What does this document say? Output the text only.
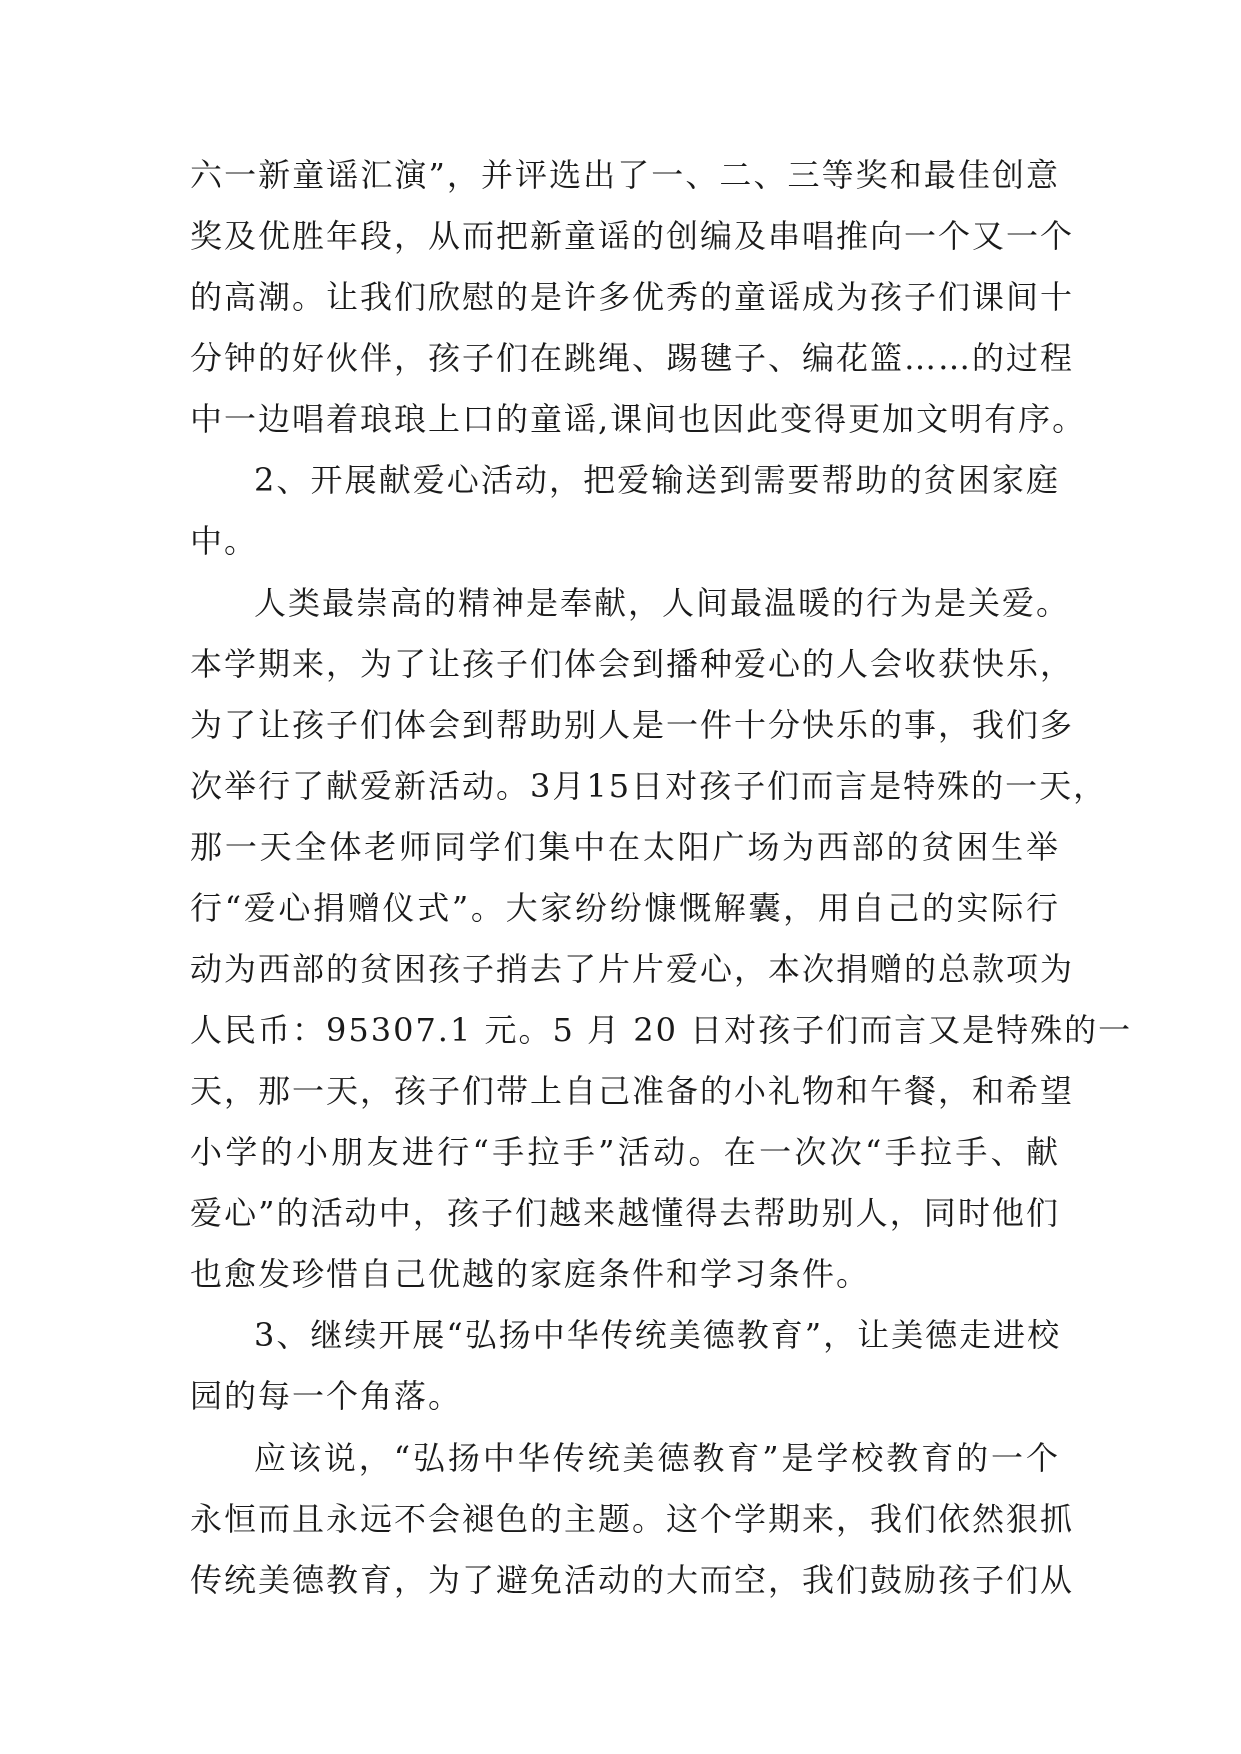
六一新童谣汇演”，并评选出了一、二、三等奖和最佳创意
奖及优胜年段，从而把新童谣的创编及串唱推向一个又一个
的高潮。让我们欣慰的是许多优秀的童谣成为孩子们课间十
分钟的好伙伴，孩子们在跳绳、踢毽子、编花篮……的过程
中一边唱着琅琅上口的童谣,课间也因此变得更加文明有序。
2、开展献爱心活动，把爱输送到需要帮助的贫困家庭
中。
人类最崇高的精神是奉献，人间最温暖的行为是关爱。
本学期来，为了让孩子们体会到播种爱心的人会收获快乐，
为了让孩子们体会到帮助别人是一件十分快乐的事，我们多
次举行了献爱新活动。3月15日对孩子们而言是特殊的一天，
那一天全体老师同学们集中在太阳广场为西部的贫困生举
行“爱心捐赠仪式”。大家纷纷慷慨解囊，用自己的实际行
动为西部的贫困孩子捎去了片片爱心，本次捐赠的总款项为
人民币：95307.1 元。5 月 20 日对孩子们而言又是特殊的一
天，那一天，孩子们带上自己准备的小礼物和午餐，和希望
小学的小朋友进行“手拉手”活动。在一次次“手拉手、献
爱心”的活动中，孩子们越来越懂得去帮助别人，同时他们
也愈发珍惜自己优越的家庭条件和学习条件。
3、继续开展“弘扬中华传统美德教育”，让美德走进校
园的每一个角落。
应该说，“弘扬中华传统美德教育”是学校教育的一个
永恒而且永远不会褪色的主题。这个学期来，我们依然狠抓
传统美德教育，为了避免活动的大而空，我们鼓励孩子们从
